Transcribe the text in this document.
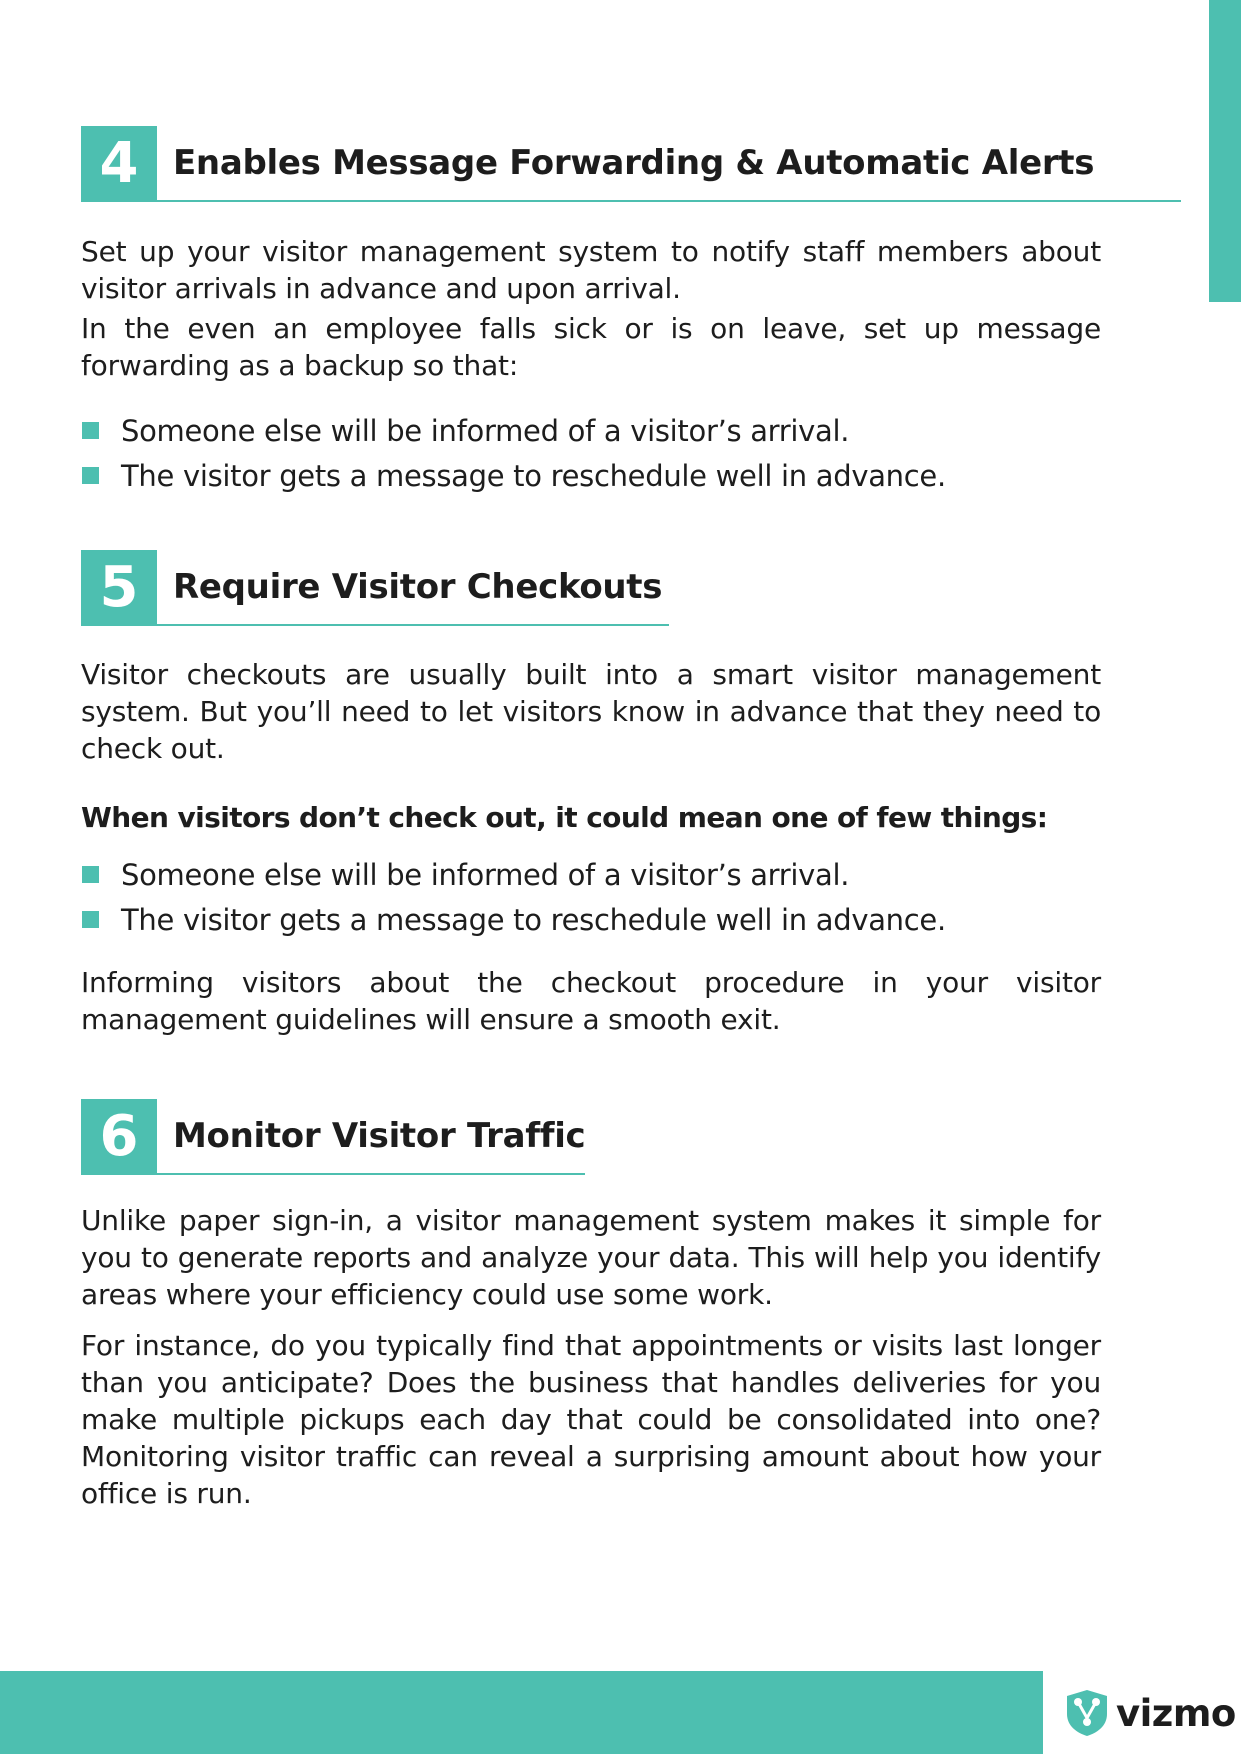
4	Enables Message Forwarding & Automatic Alerts

Set up your visitor management system to notify staff members about visitor arrivals in advance and upon arrival.

In the even an employee falls sick or is on leave, set up message forwarding as a backup so that:

Someone else will be informed of a visitor’s arrival.
The visitor gets a message to reschedule well in advance.
5	Require Visitor Checkouts

Visitor checkouts are usually built into a smart visitor management system. But you’ll need to let visitors know in advance that they need to check out.

When visitors don’t check out, it could mean one of few things:

Someone else will be informed of a visitor’s arrival.
The visitor gets a message to reschedule well in advance.

Informing visitors about the checkout procedure in your visitor management guidelines will ensure a smooth exit.

6	Monitor Visitor Traffic

Unlike paper sign-in, a visitor management system makes it simple for you to generate reports and analyze your data. This will help you identify areas where your efficiency could use some work.

For instance, do you typically find that appointments or visits last longer than you anticipate? Does the business that handles deliveries for you make multiple pickups each day that could be consolidated into one? Monitoring visitor traffic can reveal a surprising amount about how your office is run.

vizmo
